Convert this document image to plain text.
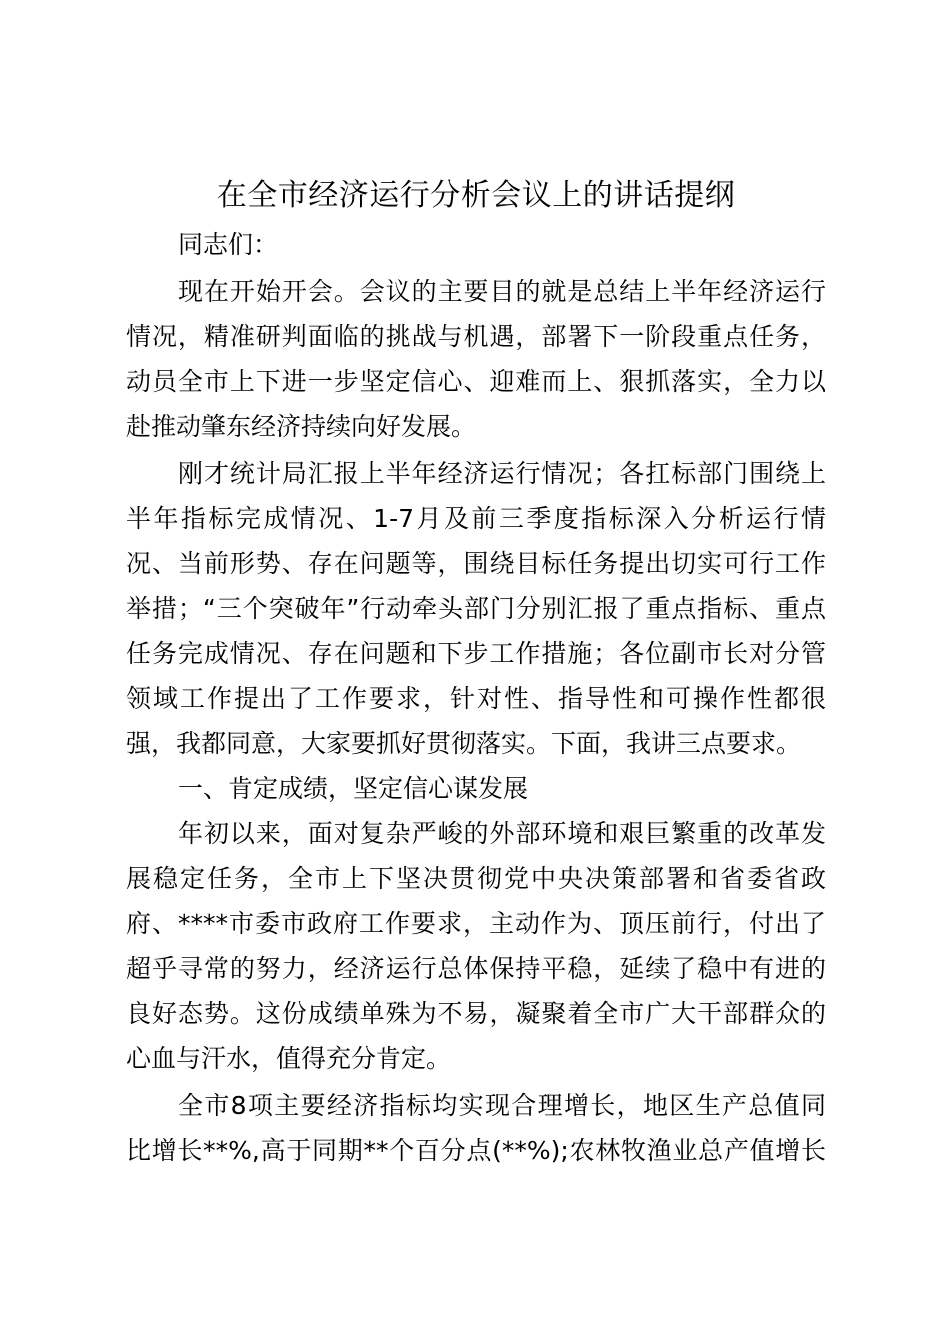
在全市经济运行分析会议上的讲话提纲
同志们：
现在开始开会。会议的主要目的就是总结上半年经济运行
情况，精准研判面临的挑战与机遇，部署下一阶段重点任务，
动员全市上下进一步坚定信心、迎难而上、狠抓落实，全力以
赴推动肇东经济持续向好发展。
刚才统计局汇报上半年经济运行情况；各扛标部门围绕上
半年指标完成情况、1-7月及前三季度指标深入分析运行情
况、当前形势、存在问题等，围绕目标任务提出切实可行工作
举措；“三个突破年”行动牵头部门分别汇报了重点指标、重点
任务完成情况、存在问题和下步工作措施；各位副市长对分管
领域工作提出了工作要求，针对性、指导性和可操作性都很
强，我都同意，大家要抓好贯彻落实。下面，我讲三点要求。
一、肯定成绩，坚定信心谋发展
年初以来，面对复杂严峻的外部环境和艰巨繁重的改革发
展稳定任务，全市上下坚决贯彻党中央决策部署和省委省政
府、****市委市政府工作要求，主动作为、顶压前行，付出了
超乎寻常的努力，经济运行总体保持平稳，延续了稳中有进的
良好态势。这份成绩单殊为不易，凝聚着全市广大干部群众的
心血与汗水，值得充分肯定。
全市8项主要经济指标均实现合理增长，地区生产总值同
比增长**%,高于同期**个百分点(**%);农林牧渔业总产值增长
